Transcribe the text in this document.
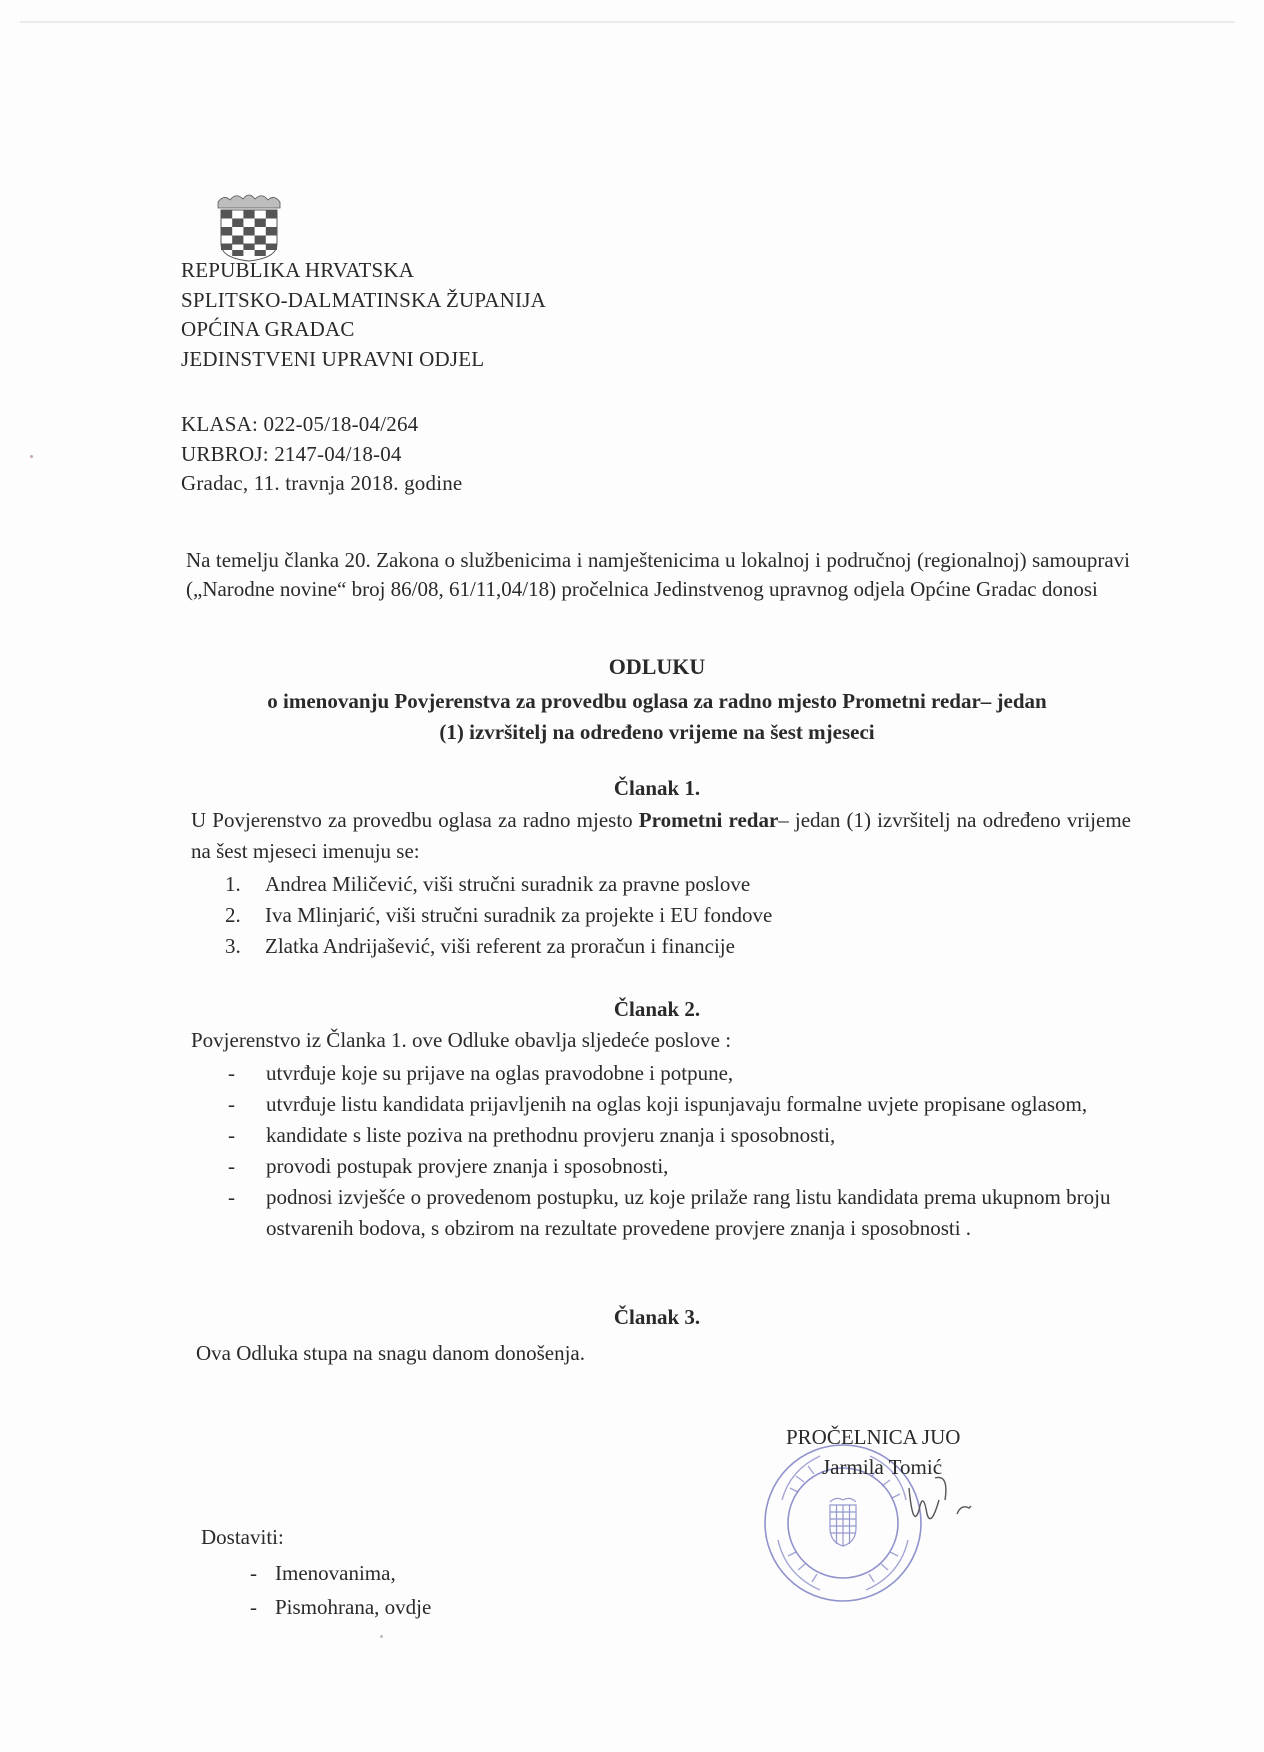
REPUBLIKA HRVATSKA
SPLITSKO-DALMATINSKA ŽUPANIJA
OPĆINA GRADAC
JEDINSTVENI UPRAVNI ODJEL
KLASA: 022-05/18-04/264
URBROJ: 2147-04/18-04
Gradac, 11. travnja 2018. godine
Na temelju članka 20. Zakona o službenicima i namještenicima u lokalnoj i područnoj (regionalnoj) samoupravi („Narodne novine“ broj 86/08, 61/11,04/18) pročelnica Jedinstvenog upravnog odjela Općine Gradac donosi
ODLUKU
o imenovanju Povjerenstva za provedbu oglasa za radno mjesto Prometni redar– jedan
(1) izvršitelj na određeno vrijeme na šest mjeseci
Članak 1.
U Povjerenstvo za provedbu oglasa za radno mjesto Prometni redar– jedan (1) izvršitelj na određeno vrijeme na šest mjeseci imenuju se:
1. Andrea Miličević, viši stručni suradnik za pravne poslove
2. Iva Mlinjarić, viši stručni suradnik za projekte i EU fondove
3. Zlatka Andrijašević, viši referent za proračun i financije
Članak 2.
Povjerenstvo iz Članka 1. ove Odluke obavlja sljedeće poslove :
- utvrđuje koje su prijave na oglas pravodobne i potpune,
- utvrđuje listu kandidata prijavljenih na oglas koji ispunjavaju formalne uvjete propisane oglasom,
- kandidate s liste poziva na prethodnu provjeru znanja i sposobnosti,
- provodi postupak provjere znanja i sposobnosti,
- podnosi izvješće o provedenom postupku, uz koje prilaže rang listu kandidata prema ukupnom broju ostvarenih bodova, s obzirom na rezultate provedene provjere znanja i sposobnosti .
Članak 3.
Ova Odluka stupa na snagu danom donošenja.
PROČELNICA JUO
Jarmila Tomić
Dostaviti:
- Imenovanima,
- Pismohrana, ovdje
